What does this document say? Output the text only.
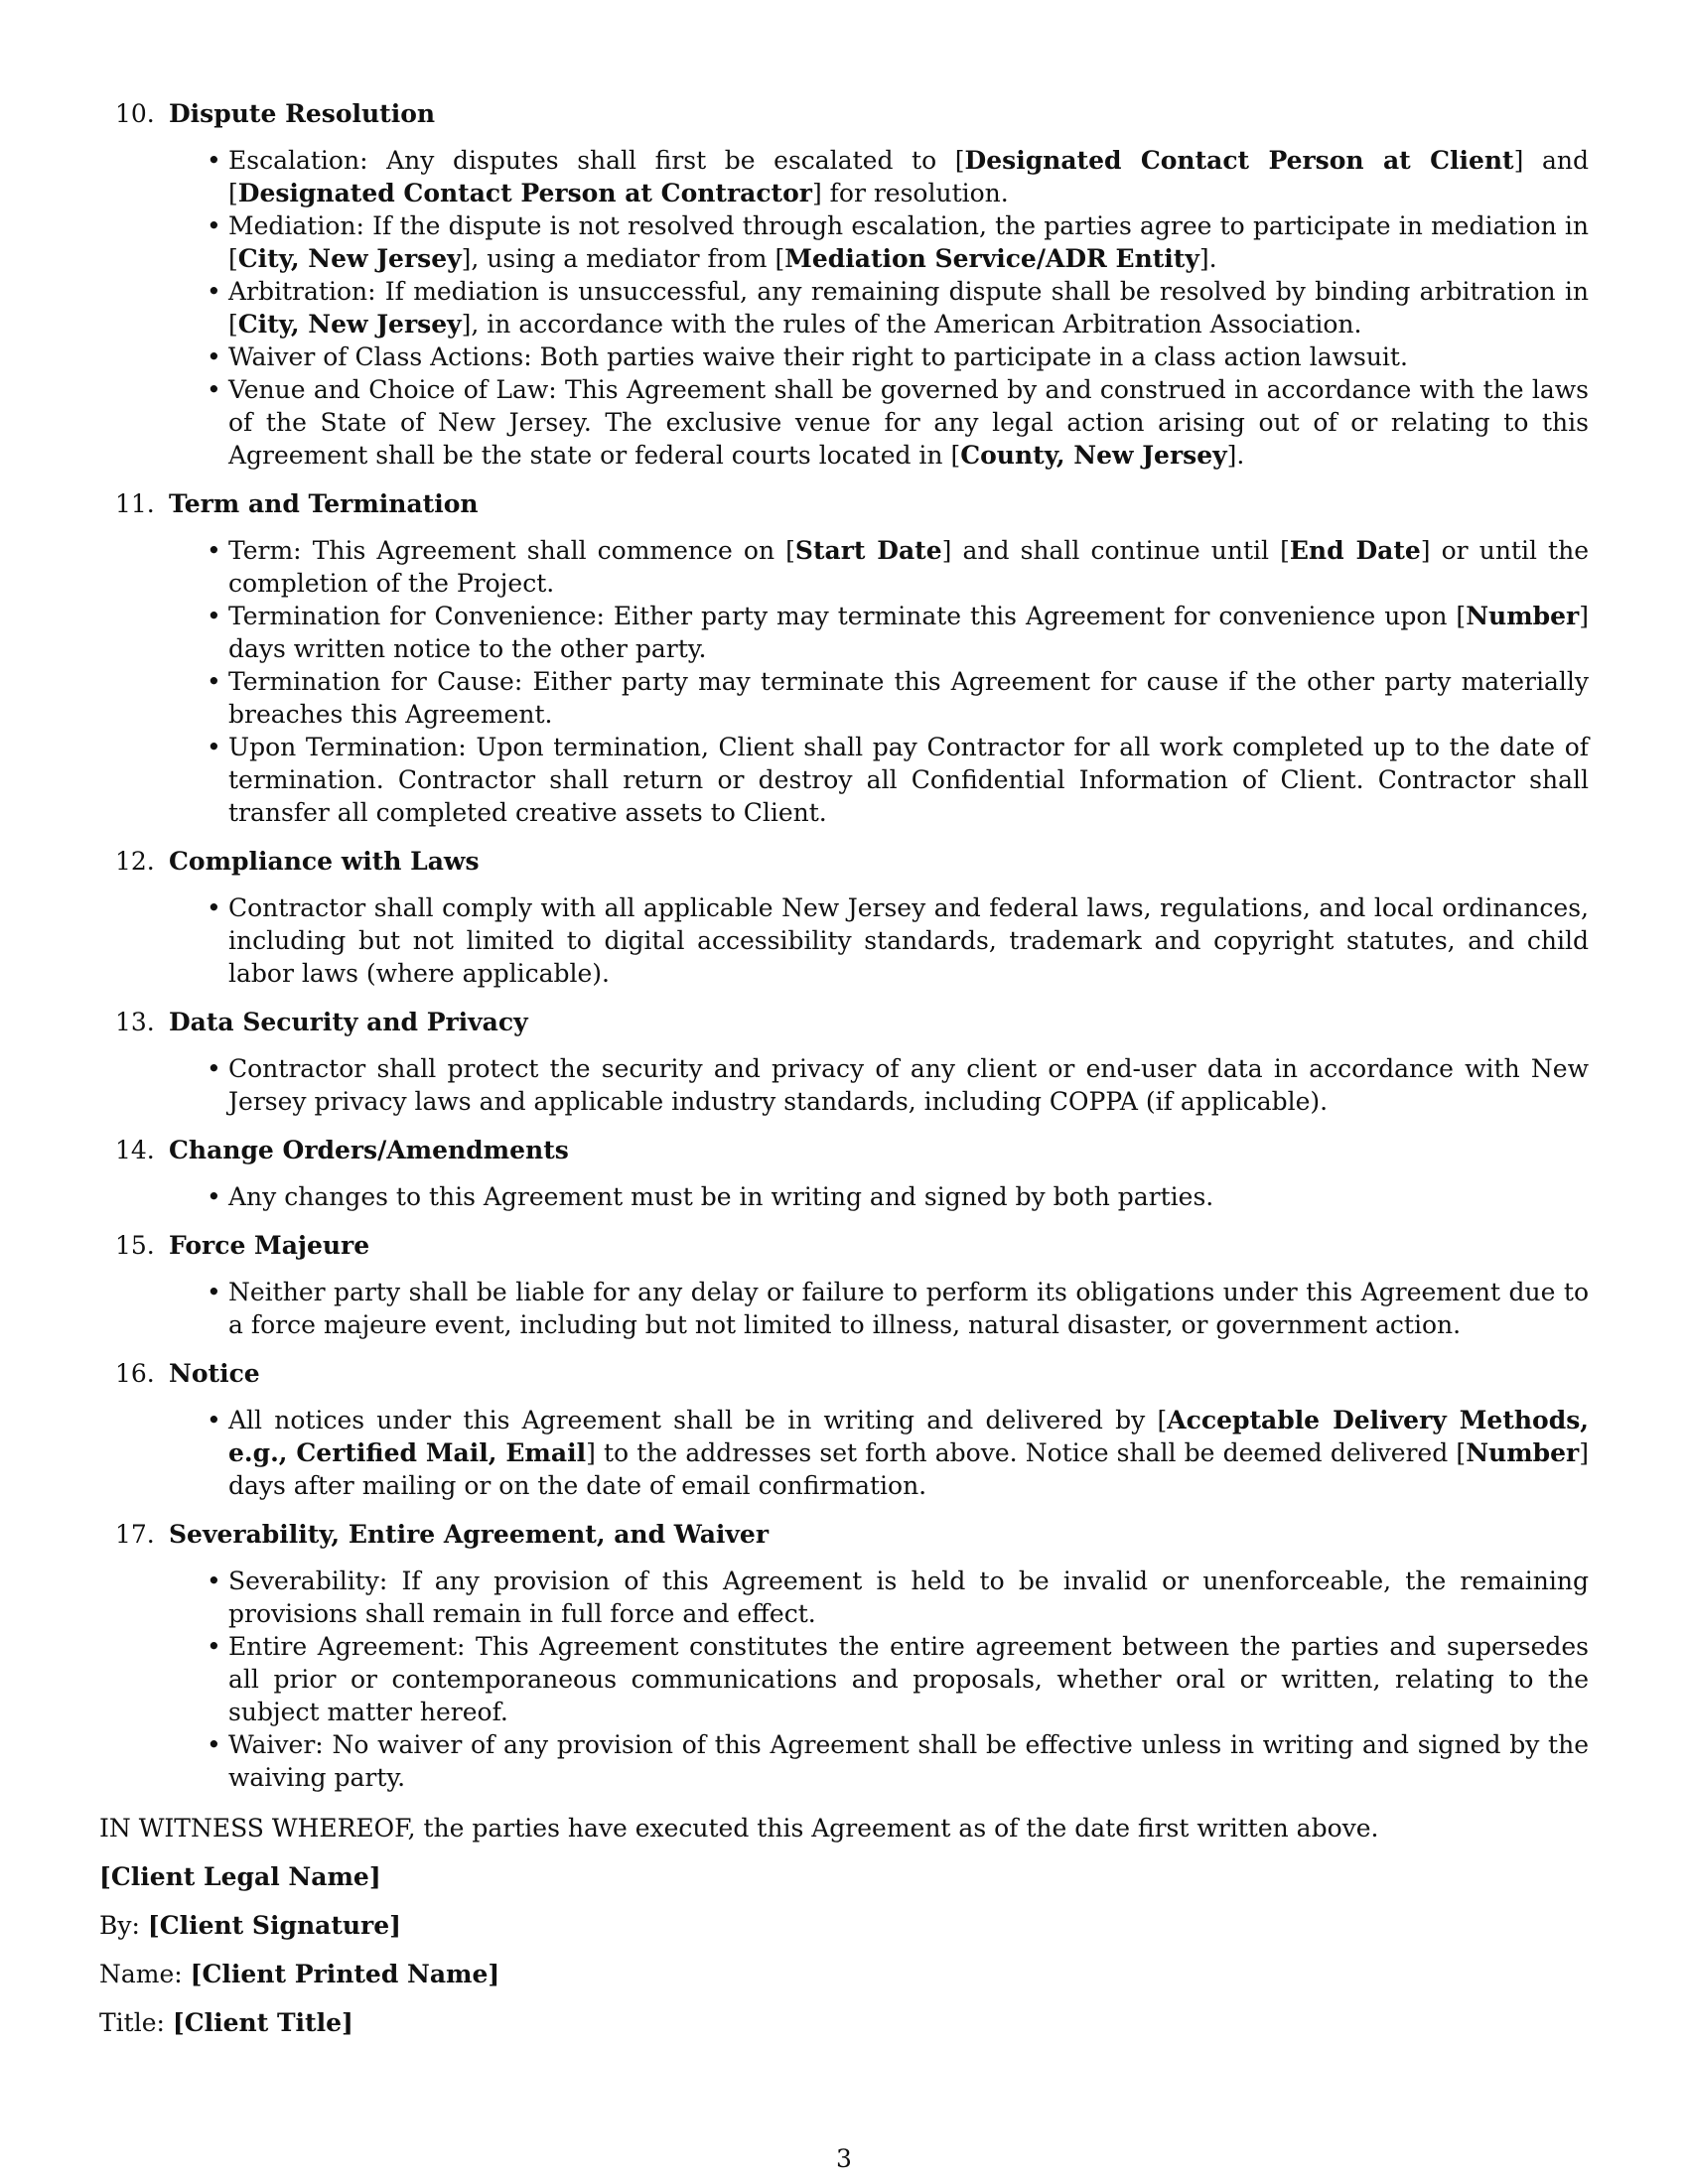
10. Dispute Resolution
• Escalation: Any disputes shall first be escalated to [Designated Contact Person at Client] and [Designated Contact Person at Contractor] for resolution.
• Mediation: If the dispute is not resolved through escalation, the parties agree to participate in mediation in [City, New Jersey], using a mediator from [Mediation Service/ADR Entity].
• Arbitration: If mediation is unsuccessful, any remaining dispute shall be resolved by binding arbitration in [City, New Jersey], in accordance with the rules of the American Arbitration Association.
• Waiver of Class Actions: Both parties waive their right to participate in a class action lawsuit.
• Venue and Choice of Law: This Agreement shall be governed by and construed in accordance with the laws of the State of New Jersey. The exclusive venue for any legal action arising out of or relating to this Agreement shall be the state or federal courts located in [County, New Jersey].
11. Term and Termination
• Term: This Agreement shall commence on [Start Date] and shall continue until [End Date] or until the completion of the Project.
• Termination for Convenience: Either party may terminate this Agreement for convenience upon [Number] days written notice to the other party.
• Termination for Cause: Either party may terminate this Agreement for cause if the other party materially breaches this Agreement.
• Upon Termination: Upon termination, Client shall pay Contractor for all work completed up to the date of termination. Contractor shall return or destroy all Confidential Information of Client. Contractor shall transfer all completed creative assets to Client.
12. Compliance with Laws
• Contractor shall comply with all applicable New Jersey and federal laws, regulations, and local ordinances, including but not limited to digital accessibility standards, trademark and copyright statutes, and child labor laws (where applicable).
13. Data Security and Privacy
• Contractor shall protect the security and privacy of any client or end-user data in accordance with New Jersey privacy laws and applicable industry standards, including COPPA (if applicable).
14. Change Orders/Amendments
• Any changes to this Agreement must be in writing and signed by both parties.
15. Force Majeure
• Neither party shall be liable for any delay or failure to perform its obligations under this Agreement due to a force majeure event, including but not limited to illness, natural disaster, or government action.
16. Notice
• All notices under this Agreement shall be in writing and delivered by [Acceptable Delivery Methods, e.g., Certified Mail, Email] to the addresses set forth above. Notice shall be deemed delivered [Number] days after mailing or on the date of email confirmation.
17. Severability, Entire Agreement, and Waiver
• Severability: If any provision of this Agreement is held to be invalid or unenforceable, the remaining provisions shall remain in full force and effect.
• Entire Agreement: This Agreement constitutes the entire agreement between the parties and supersedes all prior or contemporaneous communications and proposals, whether oral or written, relating to the subject matter hereof.
• Waiver: No waiver of any provision of this Agreement shall be effective unless in writing and signed by the waiving party.

IN WITNESS WHEREOF, the parties have executed this Agreement as of the date first written above.

[Client Legal Name]

By: [Client Signature]

Name: [Client Printed Name]

Title: [Client Title]

3
